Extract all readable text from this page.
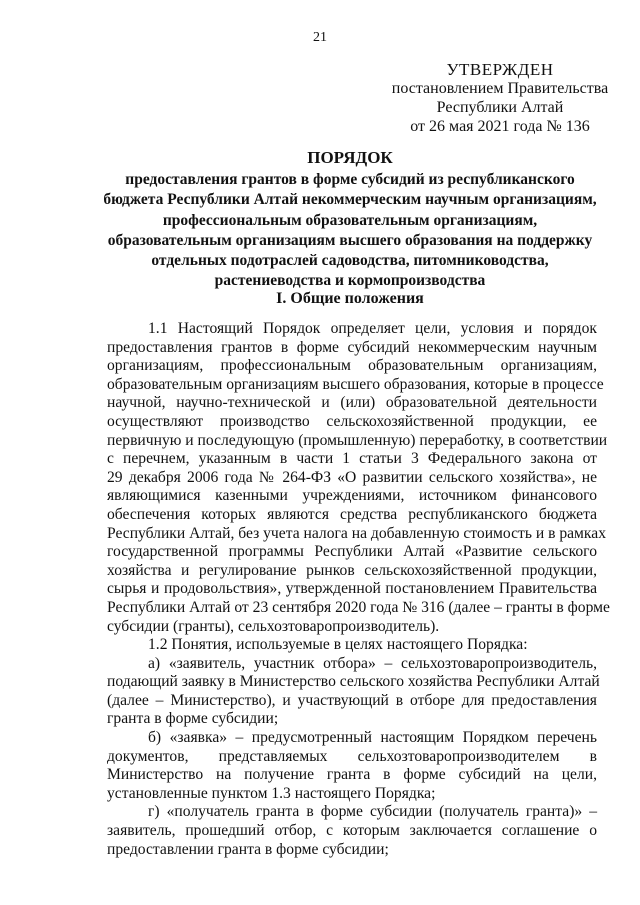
21
УТВЕРЖДЕН
постановлением Правительства
Республики Алтай
от 26 мая 2021 года № 136
ПОРЯДОК
предоставления грантов в форме субсидий из республиканского
бюджета Республики Алтай некоммерческим научным организациям,
профессиональным образовательным организациям,
образовательным организациям высшего образования на поддержку
отдельных подотраслей садоводства, питомниководства,
растениеводства и кормопроизводства
I. Общие положения
1.1 Настоящий Порядок определяет цели, условия и порядок
предоставления грантов в форме субсидий некоммерческим научным
организациям, профессиональным образовательным организациям,
образовательным организациям высшего образования, которые в процессе
научной, научно-технической и (или) образовательной деятельности
осуществляют производство сельскохозяйственной продукции, ее
первичную и последующую (промышленную) переработку, в соответствии
с перечнем, указанным в части 1 статьи 3 Федерального закона от
29 декабря 2006 года № 264-ФЗ «О развитии сельского хозяйства», не
являющимися казенными учреждениями, источником финансового
обеспечения которых являются средства республиканского бюджета
Республики Алтай, без учета налога на добавленную стоимость и в рамках
государственной программы Республики Алтай «Развитие сельского
хозяйства и регулирование рынков сельскохозяйственной продукции,
сырья и продовольствия», утвержденной постановлением Правительства
Республики Алтай от 23 сентября 2020 года № 316 (далее – гранты в форме
субсидии (гранты), сельхозтоваропроизводитель).
1.2 Понятия, используемые в целях настоящего Порядка:
а) «заявитель, участник отбора» – сельхозтоваропроизводитель,
подающий заявку в Министерство сельского хозяйства Республики Алтай
(далее – Министерство), и участвующий в отборе для предоставления
гранта в форме субсидии;
б) «заявка» – предусмотренный настоящим Порядком перечень
документов, представляемых сельхозтоваропроизводителем в
Министерство на получение гранта в форме субсидий на цели,
установленные пунктом 1.3 настоящего Порядка;
г) «получатель гранта в форме субсидии (получатель гранта)» –
заявитель, прошедший отбор, с которым заключается соглашение о
предоставлении гранта в форме субсидии;
